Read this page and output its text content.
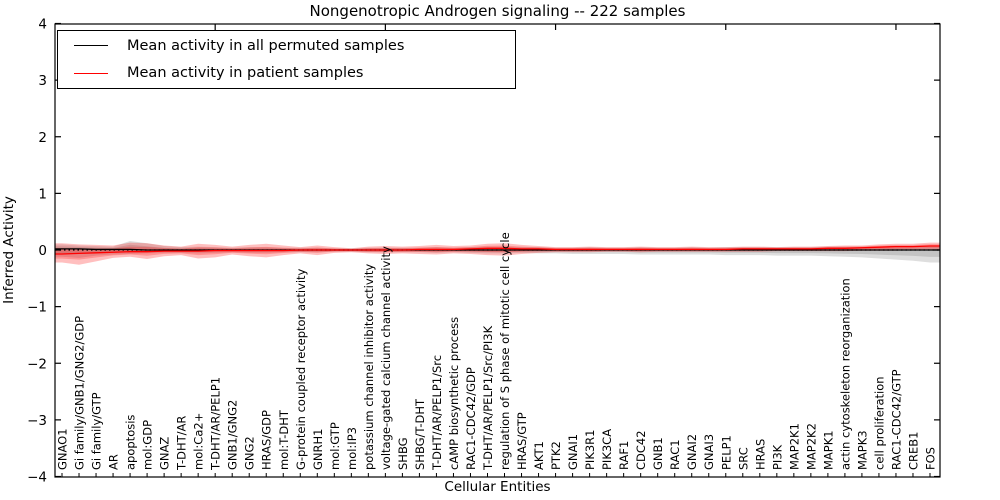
Nongenotropic Androgen signaling -- 222 samples
Inferred Activity
Cellular Entities
4
3
2
1
0
−1
−2
−3
−4
GNAO1 Gi family/GNB1/GNG2/GDP Gi family/GTP AR apoptosis mol:GDP GNAZ T-DHT/AR mol:Ca2+ T-DHT/AR/PELP1 GNB1/GNG2 GNG2 HRAS/GDP mol:T-DHT G-protein coupled receptor activity GNRH1 mol:GTP mol:IP3 potassium channel inhibitor activity voltage-gated calcium channel activity SHBG SHBG/T-DHT T-DHT/AR/PELP1/Src cAMP biosynthetic process RAC1-CDC42/GDP T-DHT/AR/PELP1/Src/PI3K regulation of S phase of mitotic cell cycle HRAS/GTP AKT1 PTK2 GNAI1 PIK3R1 PIK3CA RAF1 CDC42 GNB1 RAC1 GNAI2 GNAI3 PELP1 SRC HRAS PI3K MAP2K1 MAP2K2 MAPK1 actin cytoskeleton reorganization MAPK3 cell proliferation RAC1-CDC42/GTP CREB1 FOS
Mean activity in all permuted samples
Mean activity in patient samples
